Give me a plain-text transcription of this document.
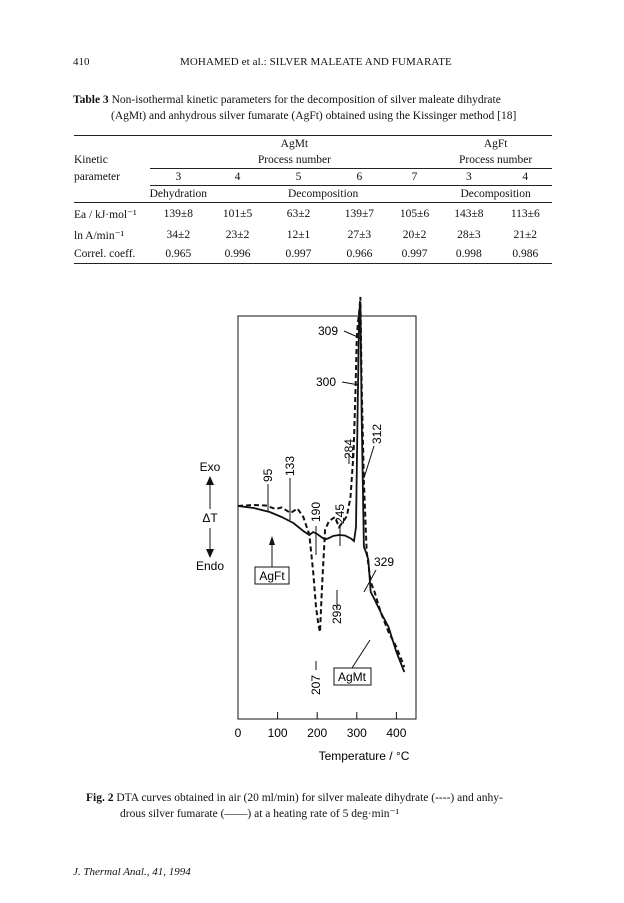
410	MOHAMED et al.: SILVER MALEATE AND FUMARATE
Table 3 Non-isothermal kinetic parameters for the decomposition of silver maleate dihydrate
(AgMt) and anhydrous silver fumarate (AgFt) obtained using the Kissinger method [18]
	AgMt					AgFt	
Kinetic	Process number					Process number	
parameter	3	4	5	6	7	3	4
	Dehydration	Decomposition				Decomposition	
Ea / kJ·mol⁻¹	139±8	101±5	63±2	139±7	105±6	143±8	113±6
ln A/min⁻¹	34±2	23±2	12±1	27±3	20±2	28±3	21±2
Correl. coeff.	0.965	0.996	0.997	0.966	0.997	0.998	0.986
0 100 200 300 400
Exo
ΔT
Endo
309
300
284
312
95 133
190 245
329
293
207
AgFt
AgMt
Temperature / °C
Fig. 2 DTA curves obtained in air (20 ml/min) for silver maleate dihydrate (----) and anhy-
drous silver fumarate (——) at a heating rate of 5 deg·min⁻¹
J. Thermal Anal., 41, 1994
